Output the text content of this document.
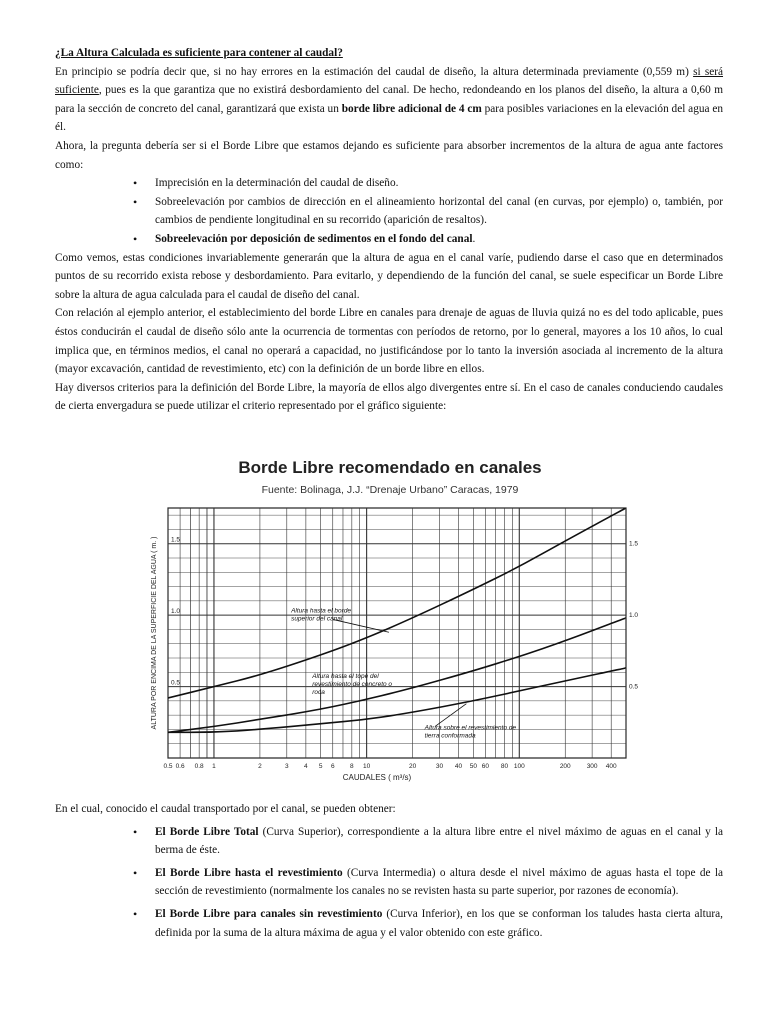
¿La Altura Calculada es suficiente para contener al caudal?

En principio se podría decir que, si no hay errores en la estimación del caudal de diseño, la altura determinada previamente (0,559 m) si será suficiente, pues es la que garantiza que no existirá desbordamiento del canal. De hecho, redondeando en los planos del diseño, la altura a 0,60 m para la sección de concreto del canal, garantizará que exista un borde libre adicional de 4 cm para posibles variaciones en la elevación del agua en él.

Ahora, la pregunta debería ser si el Borde Libre que estamos dejando es suficiente para absorber incrementos de la altura de agua ante factores como:

• Imprecisión en la determinación del caudal de diseño.
• Sobreelevación por cambios de dirección en el alineamiento horizontal del canal (en curvas, por ejemplo) o, también, por cambios de pendiente longitudinal en su recorrido (aparición de resaltos).
• Sobreelevación por deposición de sedimentos en el fondo del canal.

Como vemos, estas condiciones invariablemente generarán que la altura de agua en el canal varíe, pudiendo darse el caso que en determinados puntos de su recorrido exista rebose y desbordamiento. Para evitarlo, y dependiendo de la función del canal, se suele especificar un Borde Libre sobre la altura de agua calculada para el caudal de diseño del canal.

Con relación al ejemplo anterior, el establecimiento del borde Libre en canales para drenaje de aguas de lluvia quizá no es del todo aplicable, pues éstos conducirán el caudal de diseño sólo ante la ocurrencia de tormentas con períodos de retorno, por lo general, mayores a los 10 años, lo cual implica que, en términos medios, el canal no operará a capacidad, no justificándose por lo tanto la inversión asociada al incremento de la altura (mayor excavación, cantidad de revestimiento, etc) con la definición de un borde libre en ellos.

Hay diversos criterios para la definición del Borde Libre, la mayoría de ellos algo divergentes entre sí. En el caso de canales conduciendo caudales de cierta envergadura se puede utilizar el criterio representado por el gráfico siguiente:

Borde Libre recomendado en canales
Fuente: Bolinaga, J.J. “Drenaje Urbano” Caracas, 1979
0.5 0.6 0.8 1	2	3 4 5 6 8 10	20	30 40 50 60 80 100	200 300 400
0.5
1.0
1.5
0.5
1.0
1.5
Altura hasta el borde
superior del canal
Altura hasta el tope del
revestimiento de concreto o
roca
Altura sobre el revestimiento de
tierra conformada
CAUDALES ( m³/s)
ALTURA POR ENCIMA DE LA SUPERFICIE DEL AGUA ( m. )

En el cual, conocido el caudal transportado por el canal, se pueden obtener:

• El Borde Libre Total (Curva Superior), correspondiente a la altura libre entre el nivel máximo de aguas en el canal y la berma de éste.
• El Borde Libre hasta el revestimiento (Curva Intermedia) o altura desde el nivel máximo de aguas hasta el tope de la sección de revestimiento (normalmente los canales no se revisten hasta su parte superior, por razones de economía).
• El Borde Libre para canales sin revestimiento (Curva Inferior), en los que se conforman los taludes hasta cierta altura, definida por la suma de la altura máxima de agua y el valor obtenido con este gráfico.
